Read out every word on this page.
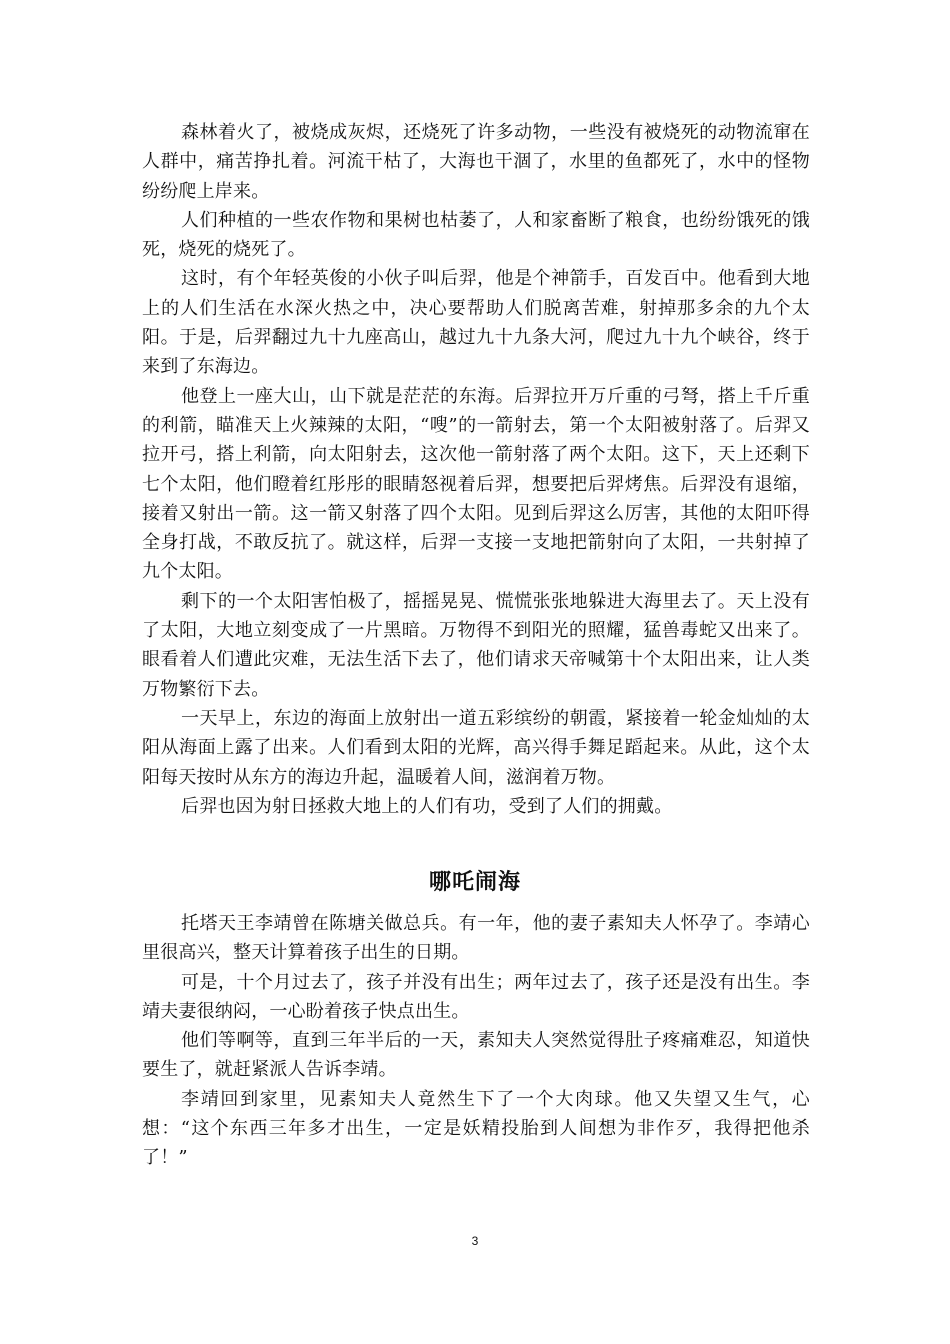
森林着火了，被烧成灰烬，还烧死了许多动物，一些没有被烧死的动物流窜在人群中，痛苦挣扎着。河流干枯了，大海也干涸了，水里的鱼都死了，水中的怪物纷纷爬上岸来。

人们种植的一些农作物和果树也枯萎了，人和家畜断了粮食，也纷纷饿死的饿死，烧死的烧死了。

这时，有个年轻英俊的小伙子叫后羿，他是个神箭手，百发百中。他看到大地上的人们生活在水深火热之中，决心要帮助人们脱离苦难，射掉那多余的九个太阳。于是，后羿翻过九十九座高山，越过九十九条大河，爬过九十九个峡谷，终于来到了东海边。

他登上一座大山，山下就是茫茫的东海。后羿拉开万斤重的弓弩，搭上千斤重的利箭，瞄准天上火辣辣的太阳，“嗖”的一箭射去，第一个太阳被射落了。后羿又拉开弓，搭上利箭，向太阳射去，这次他一箭射落了两个太阳。这下，天上还剩下七个太阳，他们瞪着红彤彤的眼睛怒视着后羿，想要把后羿烤焦。后羿没有退缩，接着又射出一箭。这一箭又射落了四个太阳。见到后羿这么厉害，其他的太阳吓得全身打战，不敢反抗了。就这样，后羿一支接一支地把箭射向了太阳，一共射掉了九个太阳。

剩下的一个太阳害怕极了，摇摇晃晃、慌慌张张地躲进大海里去了。天上没有了太阳，大地立刻变成了一片黑暗。万物得不到阳光的照耀，猛兽毒蛇又出来了。眼看着人们遭此灾难，无法生活下去了，他们请求天帝喊第十个太阳出来，让人类万物繁衍下去。

一天早上，东边的海面上放射出一道五彩缤纷的朝霞，紧接着一轮金灿灿的太阳从海面上露了出来。人们看到太阳的光辉，高兴得手舞足蹈起来。从此，这个太阳每天按时从东方的海边升起，温暖着人间，滋润着万物。

后羿也因为射日拯救大地上的人们有功，受到了人们的拥戴。

哪吒闹海

托塔天王李靖曾在陈塘关做总兵。有一年，他的妻子素知夫人怀孕了。李靖心里很高兴，整天计算着孩子出生的日期。

可是，十个月过去了，孩子并没有出生；两年过去了，孩子还是没有出生。李靖夫妻很纳闷，一心盼着孩子快点出生。

他们等啊等，直到三年半后的一天，素知夫人突然觉得肚子疼痛难忍，知道快要生了，就赶紧派人告诉李靖。

李靖回到家里，见素知夫人竟然生下了一个大肉球。他又失望又生气，心想：“这个东西三年多才出生，一定是妖精投胎到人间想为非作歹，我得把他杀了！”

3
